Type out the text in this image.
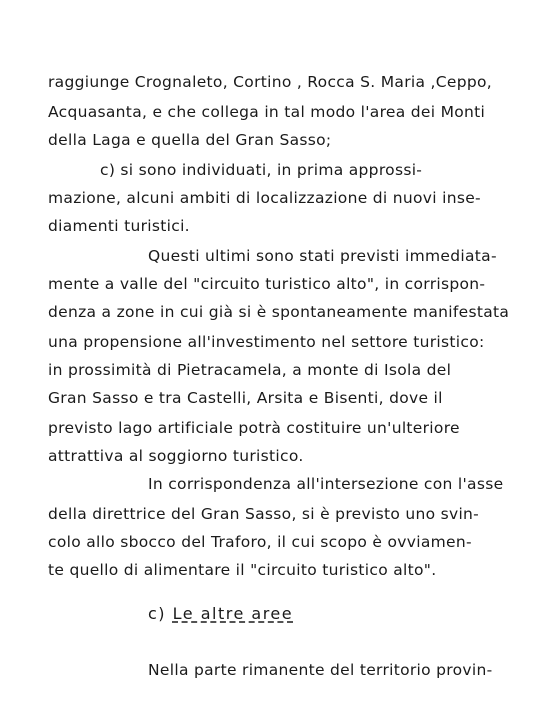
raggiunge Crognaleto, Cortino , Rocca S. Maria ,Ceppo,
Acquasanta, e che collega in tal modo l'area dei Monti
della Laga e quella del Gran Sasso;
c) si sono individuati, in prima approssi-
mazione, alcuni ambiti di localizzazione di nuovi inse-
diamenti turistici.
Questi ultimi sono stati previsti immediata-
mente a valle del "circuito turistico alto", in corrispon-
denza a zone in cui già si è spontaneamente manifestata
una propensione all'investimento nel settore turistico:
in prossimità di Pietracamela, a monte di Isola del
Gran Sasso e tra Castelli, Arsita e Bisenti, dove il
previsto lago artificiale potrà costituire un'ulteriore
attrattiva al soggiorno turistico.
In corrispondenza all'intersezione con l'asse
della direttrice del Gran Sasso, si è previsto uno svin-
colo allo sbocco del Traforo, il cui scopo è ovviamen-
te quello di alimentare il "circuito turistico alto".
c) Le altre aree
Nella parte rimanente del territorio provin-
